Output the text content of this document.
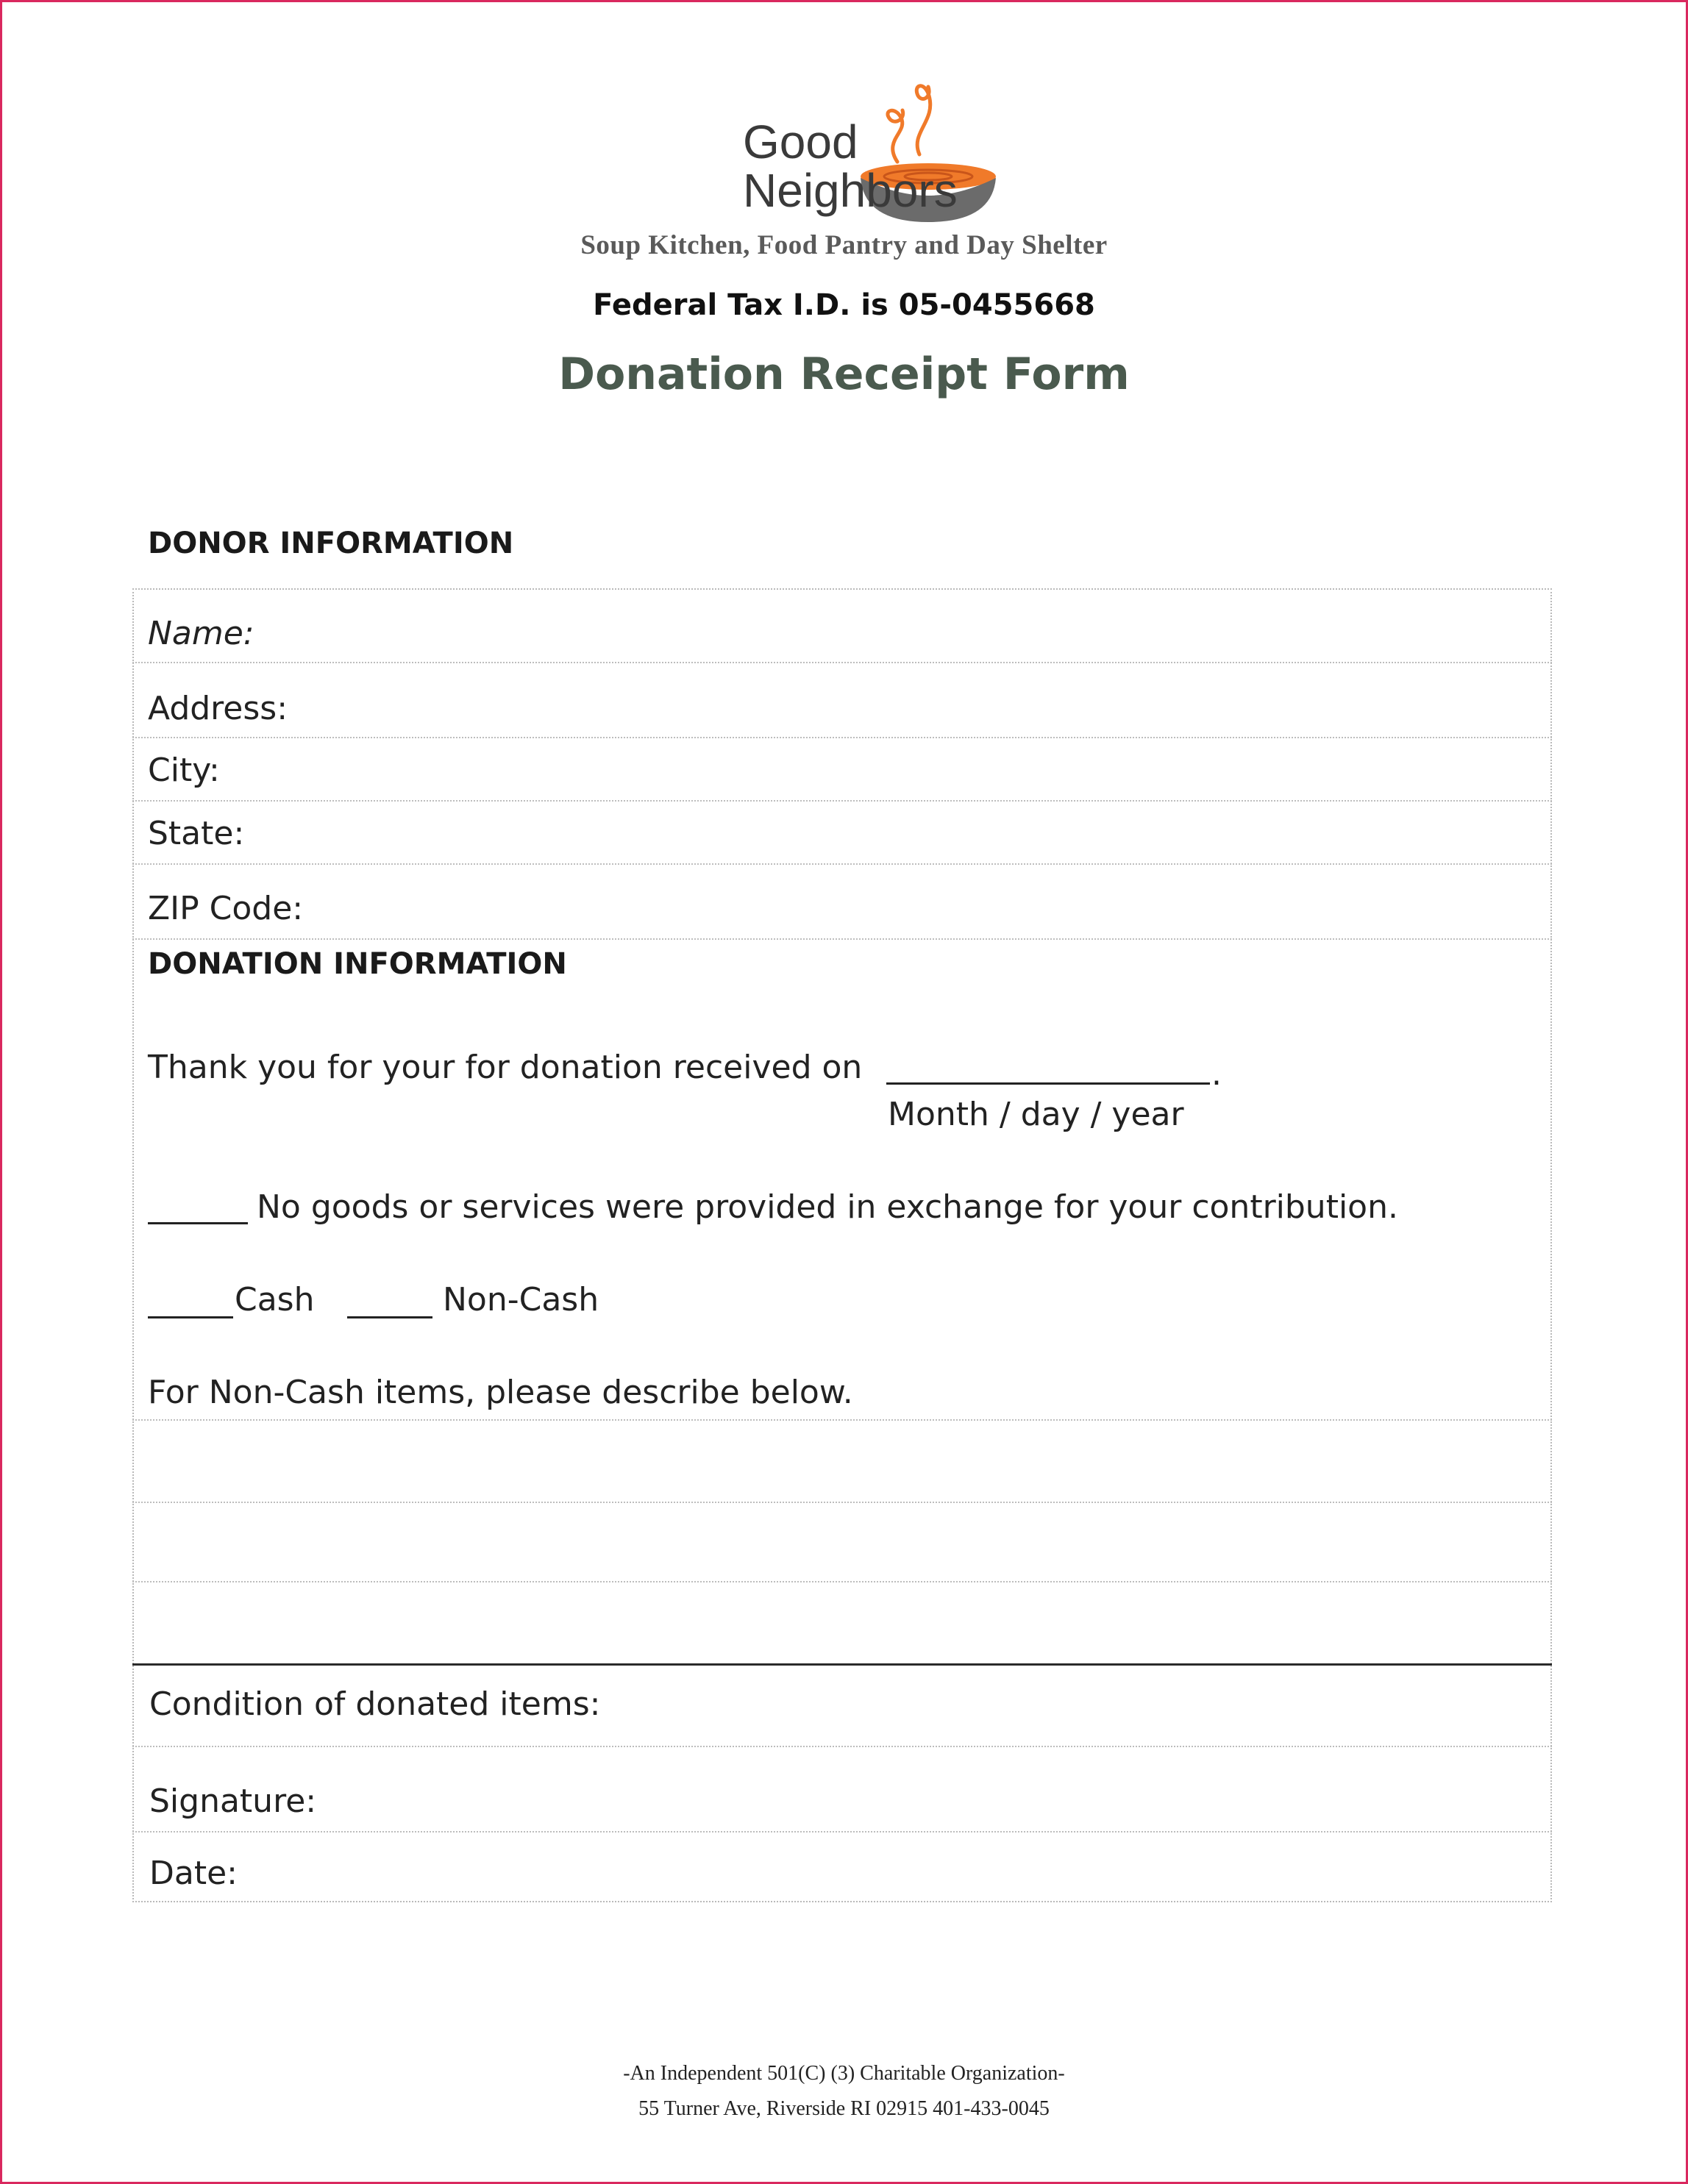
Good
Neighbors
Soup Kitchen, Food Pantry and Day Shelter
Federal Tax I.D. is 05-0455668
Donation Receipt Form
DONOR INFORMATION
Name:
Address:
City:
State:
ZIP Code:
DONATION INFORMATION
Thank you for your for donation received on	.
Month / day / year
No goods or services were provided in exchange for your contribution.
Cash	Non-Cash
For Non-Cash items, please describe below.
Condition of donated items:
Signature:
Date:
-An Independent 501(C) (3) Charitable Organization-
55 Turner Ave, Riverside RI 02915 401-433-0045
